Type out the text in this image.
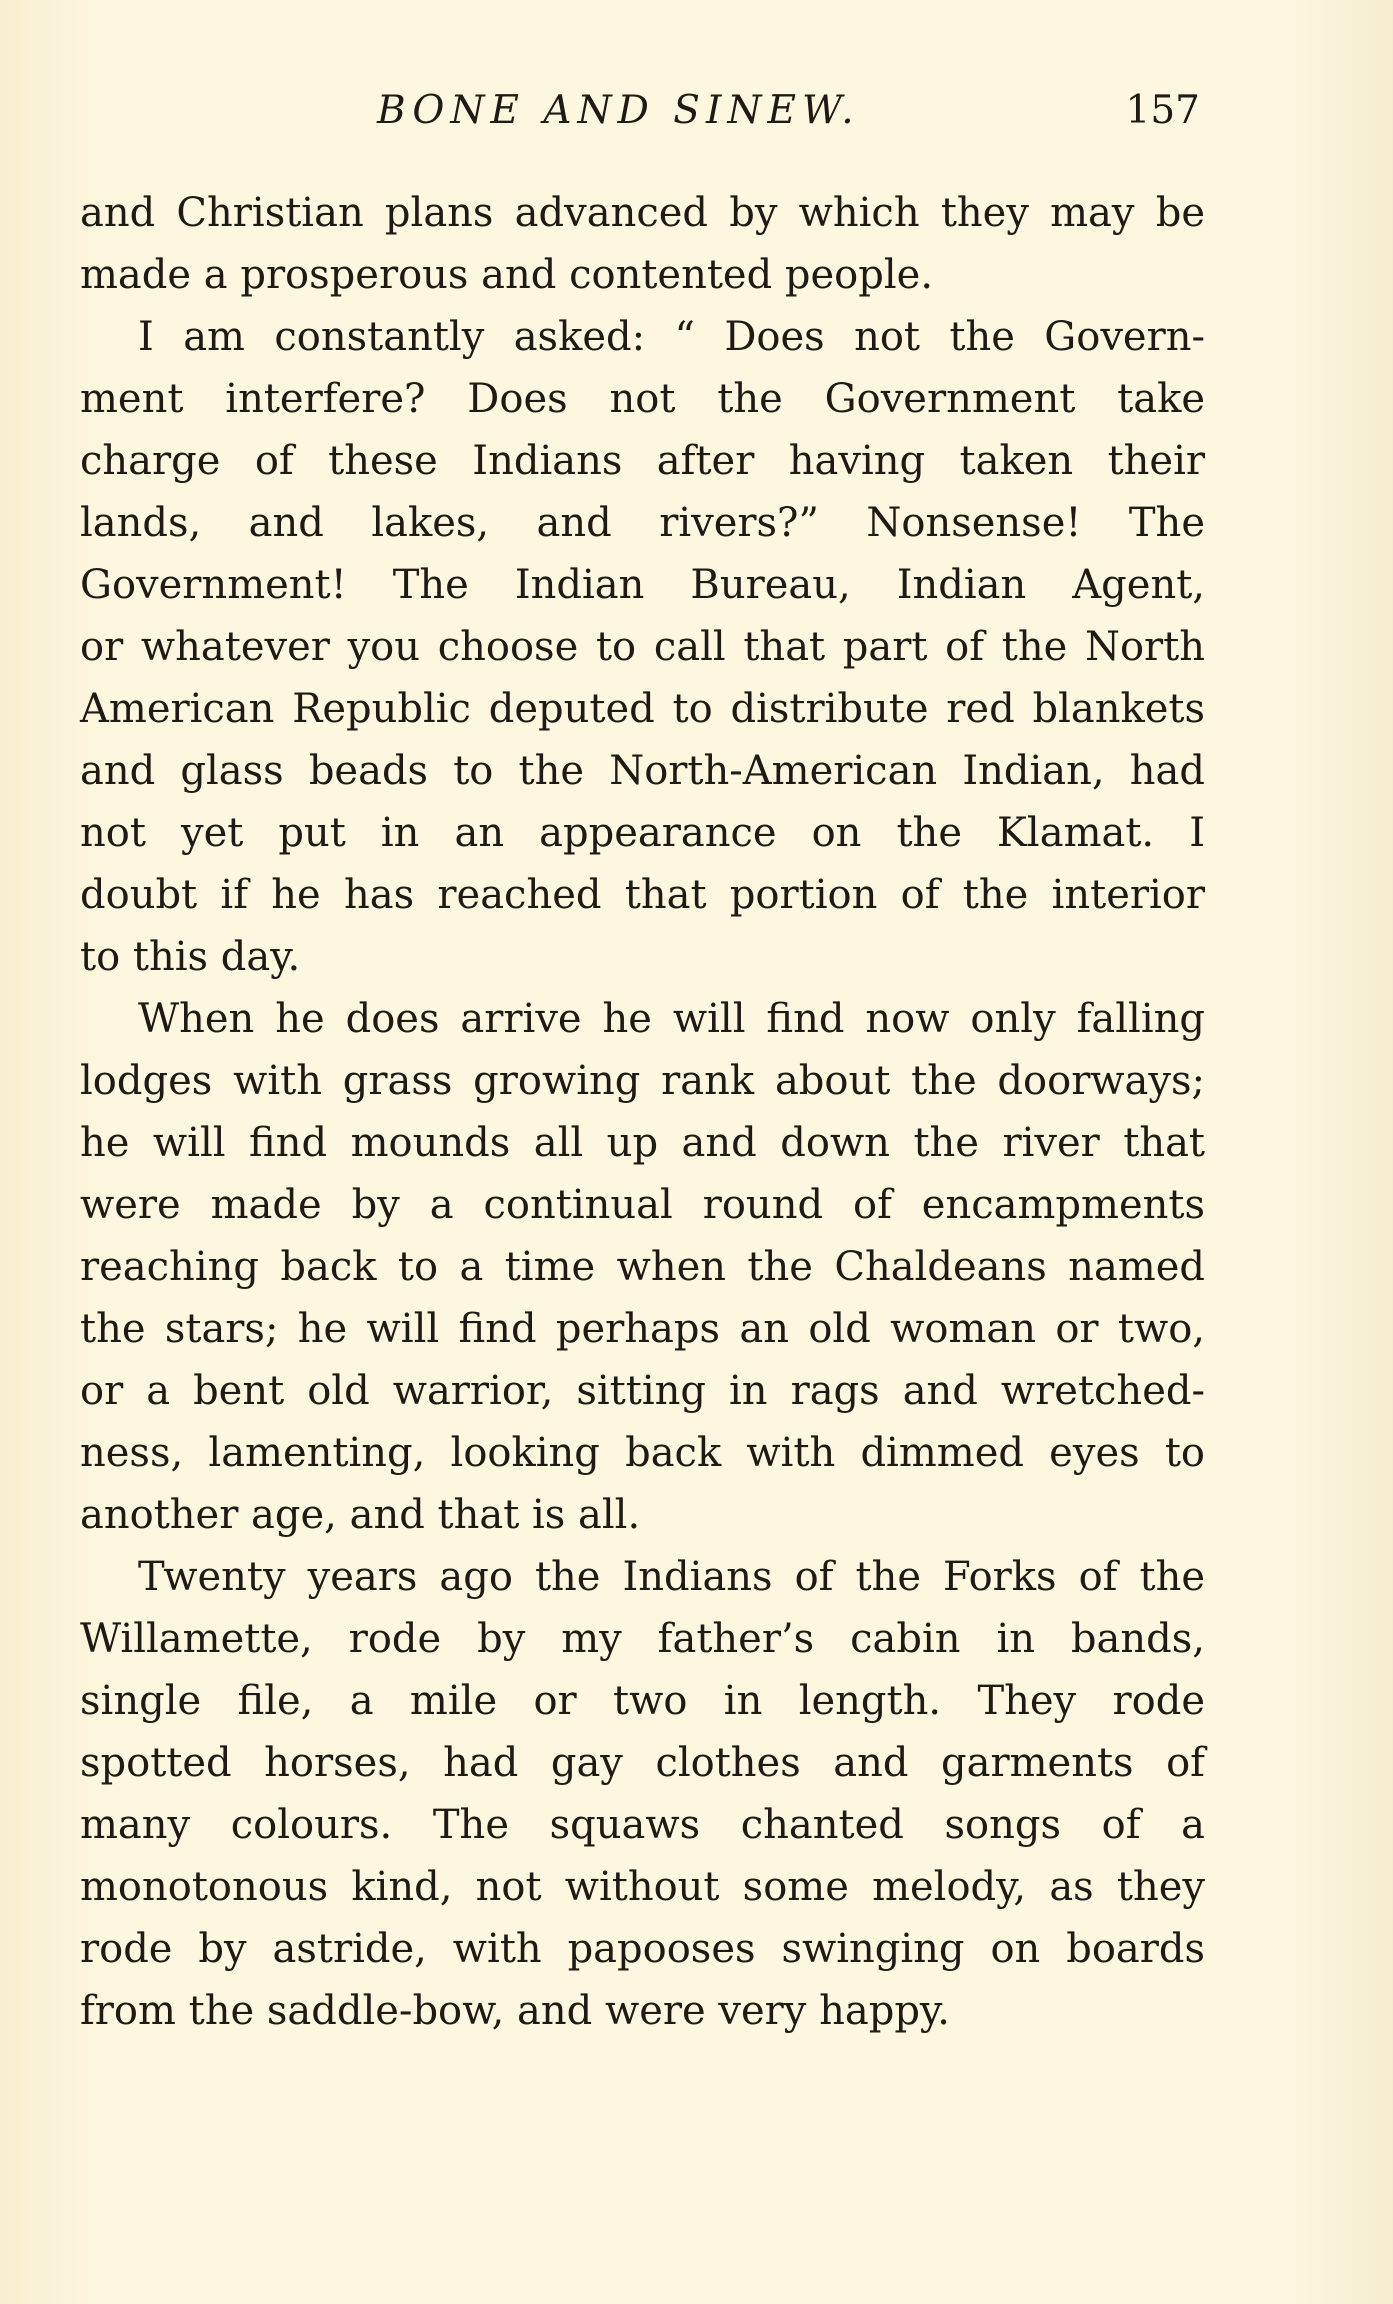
BONE AND SINEW.	157
and Christian plans advanced by which they may be
made a prosperous and contented people.
I am constantly asked: “ Does not the Govern-
ment interfere? Does not the Government take
charge of these Indians after having taken their
lands, and lakes, and rivers?” Nonsense! The
Government! The Indian Bureau, Indian Agent,
or whatever you choose to call that part of the North
American Republic deputed to distribute red blankets
and glass beads to the North-American Indian, had
not yet put in an appearance on the Klamat. I
doubt if he has reached that portion of the interior
to this day.
When he does arrive he will find now only falling
lodges with grass growing rank about the doorways;
he will find mounds all up and down the river that
were made by a continual round of encampments
reaching back to a time when the Chaldeans named
the stars; he will find perhaps an old woman or two,
or a bent old warrior, sitting in rags and wretched-
ness, lamenting, looking back with dimmed eyes to
another age, and that is all.
Twenty years ago the Indians of the Forks of the
Willamette, rode by my father’s cabin in bands,
single file, a mile or two in length. They rode
spotted horses, had gay clothes and garments of
many colours. The squaws chanted songs of a
monotonous kind, not without some melody, as they
rode by astride, with papooses swinging on boards
from the saddle-bow, and were very happy.
